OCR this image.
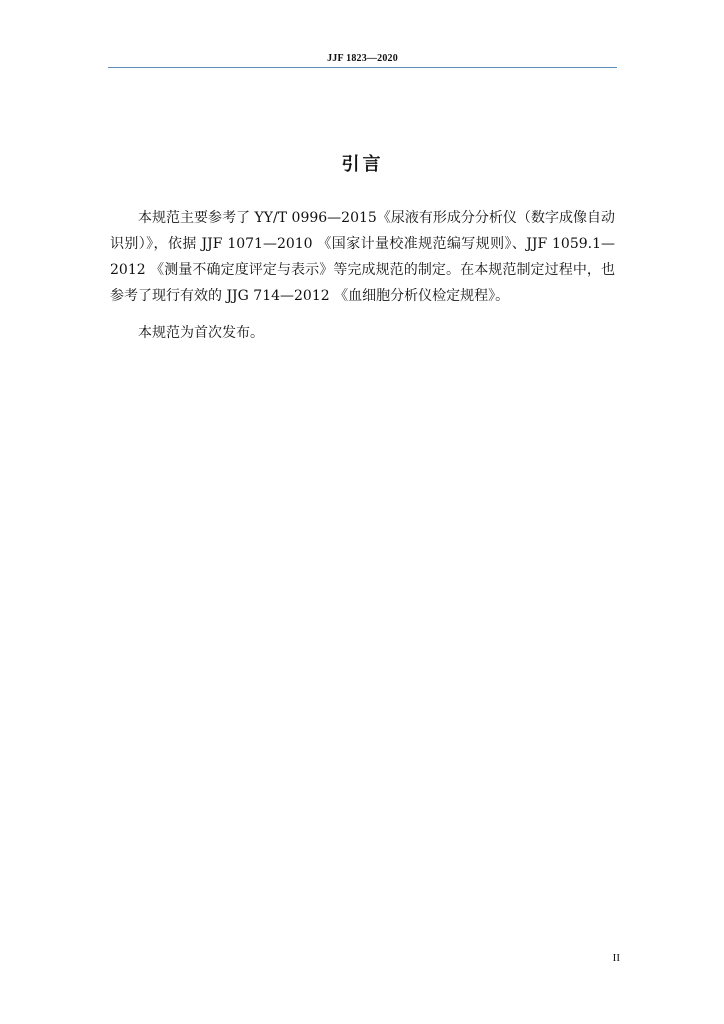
JJF 1823—2020
引言

本规范主要参考了 YY/T 0996—2015《尿液有形成分分析仪（数字成像自动识别）》，依据 JJF 1071—2010 《国家计量校准规范编写规则》、JJF 1059.1—2012 《测量不确定度评定与表示》等完成规范的制定。在本规范制定过程中，也参考了现行有效的 JJG 714—2012 《血细胞分析仪检定规程》。

本规范为首次发布。

II
